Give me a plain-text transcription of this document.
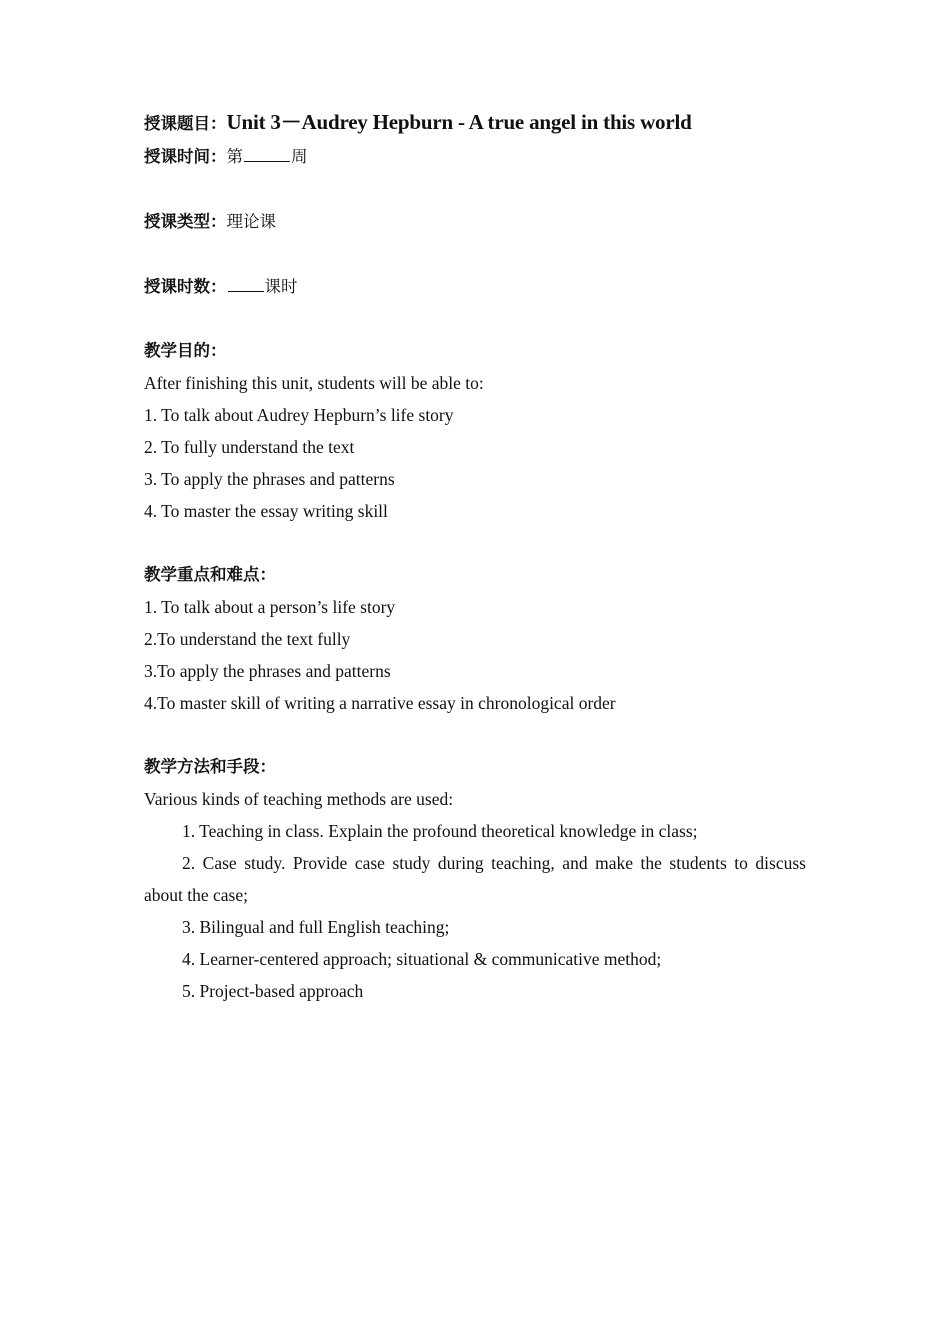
授课题目：Unit 3－Audrey Hepburn - A true angel in this world
授课时间：第	周
授课类型：理论课
授课时数： 课时
教学目的：
After finishing this unit, students will be able to:
1. To talk about Audrey Hepburn’s life story
2. To fully understand the text
3. To apply the phrases and patterns
4. To master the essay writing skill
教学重点和难点：
1. To talk about a person’s life story
2.To understand the text fully
3.To apply the phrases and patterns
4.To master skill of writing a narrative essay in chronological order
教学方法和手段：
Various kinds of teaching methods are used:
1. Teaching in class. Explain the profound theoretical knowledge in class;
2. Case study. Provide case study during teaching, and make the students to discuss about the case;
3. Bilingual and full English teaching;
4. Learner-centered approach; situational & communicative method;
5. Project-based approach
